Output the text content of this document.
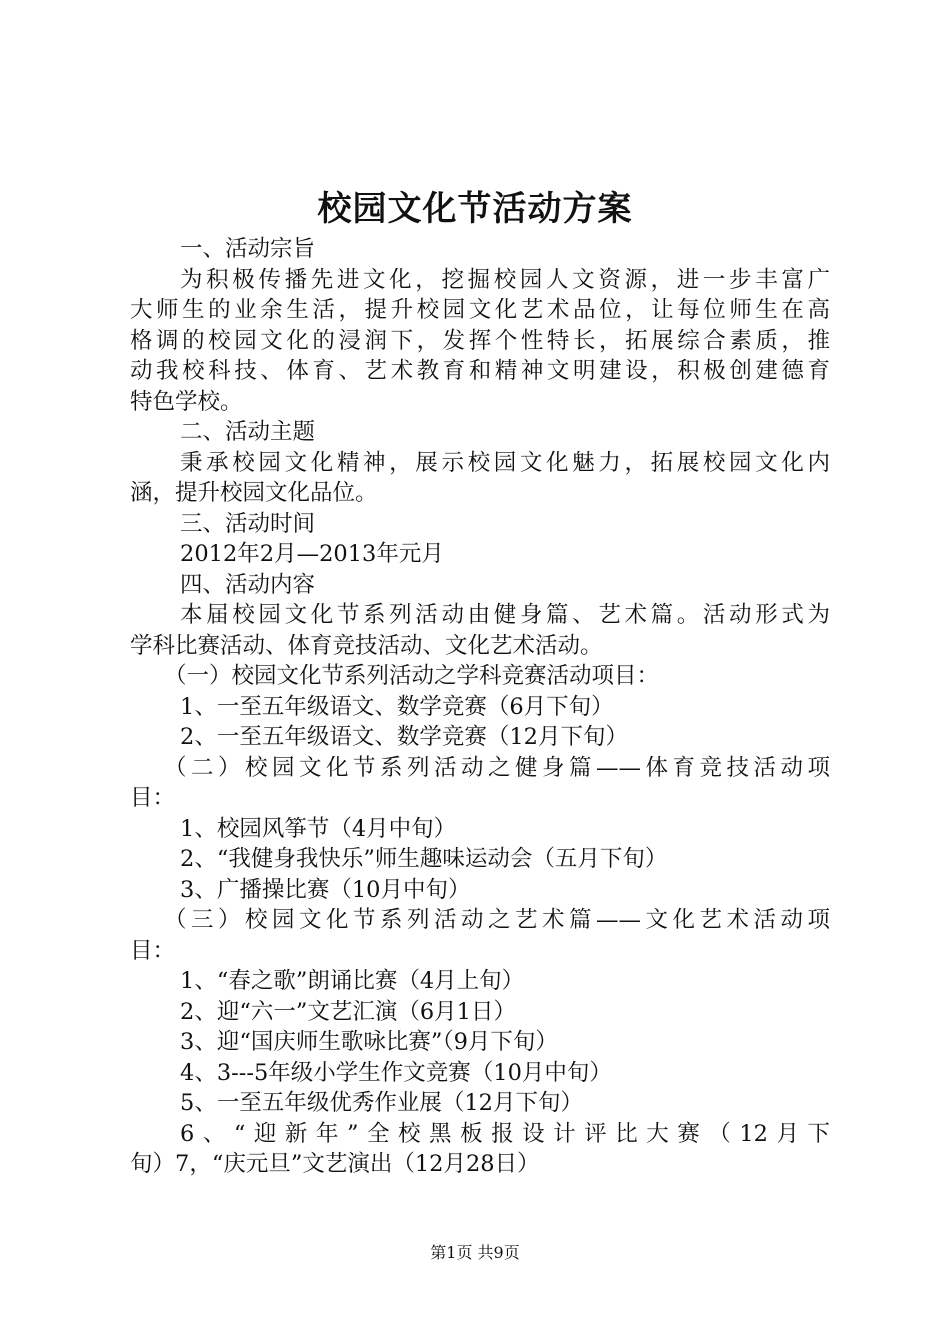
校园文化节活动方案
一、活动宗旨
为积极传播先进文化，挖掘校园人文资源，进一步丰富广
大师生的业余生活，提升校园文化艺术品位，让每位师生在高
格调的校园文化的浸润下，发挥个性特长，拓展综合素质，推
动我校科技、体育、艺术教育和精神文明建设，积极创建德育
特色学校。
二、活动主题
秉承校园文化精神，展示校园文化魅力，拓展校园文化内
涵，提升校园文化品位。
三、活动时间
2012年2月—2013年元月
四、活动内容
本届校园文化节系列活动由健身篇、艺术篇。活动形式为
学科比赛活动、体育竞技活动、文化艺术活动。
（一）校园文化节系列活动之学科竞赛活动项目：
1、一至五年级语文、数学竞赛（6月下旬）
2、一至五年级语文、数学竞赛（12月下旬）
（二）校园文化节系列活动之健身篇——体育竞技活动项
目：
1、校园风筝节（4月中旬）
2、“我健身我快乐”师生趣味运动会（五月下旬）
3、广播操比赛（10月中旬）
（三）校园文化节系列活动之艺术篇——文化艺术活动项
目：
1、“春之歌”朗诵比赛（4月上旬）
2、迎“六一”文艺汇演（6月1日）
3、迎“国庆师生歌咏比赛”（9月下旬）
4、3---5年级小学生作文竞赛（10月中旬）
5、一至五年级优秀作业展（12月下旬）
6、“迎新年”全校黑板报设计评比大赛（12月下
旬）7，“庆元旦”文艺演出（12月28日）
第1页 共9页
